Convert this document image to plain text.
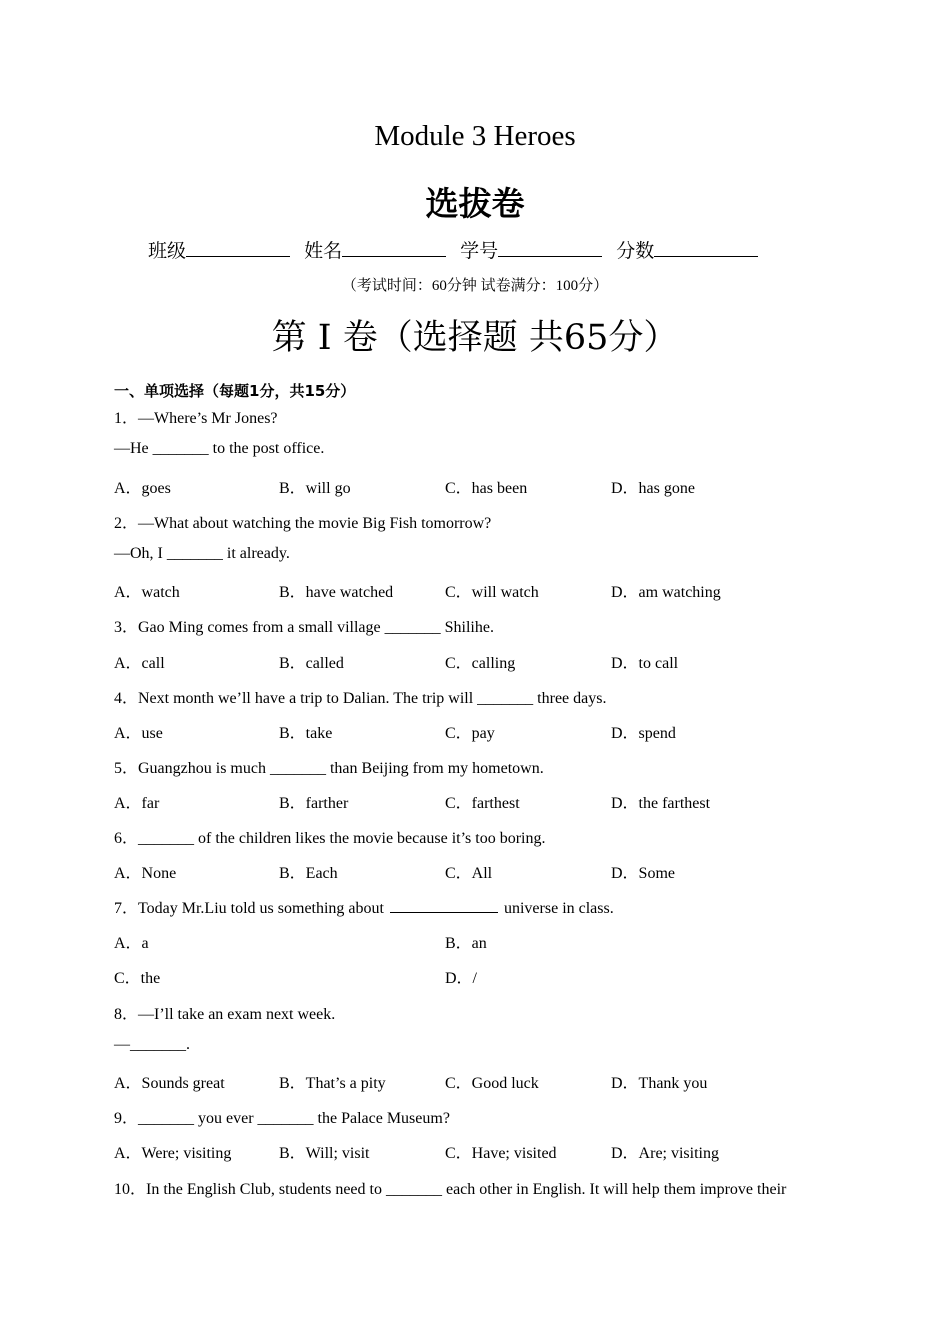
Module 3 Heroes
选拔卷
班级	姓名	学号	分数
（考试时间：60分钟 试卷满分：100分）
第 I 卷（选择题 共65分）
一、单项选择（每题1分，共15分）
1．—Where’s Mr Jones?
—He _______ to the post office.
A．goes	B．will go	C．has been	D．has gone
2．—What about watching the movie Big Fish tomorrow?
—Oh, I _______ it already.
A．watch	B．have watched	C．will watch	D．am watching
3．Gao Ming comes from a small village _______ Shilihe.
A．call	B．called	C．calling	D．to call
4．Next month we’ll have a trip to Dalian. The trip will _______ three days.
A．use	B．take	C．pay	D．spend
5．Guangzhou is much _______ than Beijing from my hometown.
A．far	B．farther	C．farthest	D．the farthest
6．_______ of the children likes the movie because it’s too boring.
A．None	B．Each	C．All	D．Some
7．Today Mr.Liu told us something about	universe in class.
A．a	B．an
C．the	D．/
8．—I’ll take an exam next week.
—_______.
A．Sounds great	B．That’s a pity	C．Good luck	D．Thank you
9．_______ you ever _______ the Palace Museum?
A．Were; visiting	B．Will; visit	C．Have; visited	D．Are; visiting
10．In the English Club, students need to _______ each other in English. It will help them improve their
